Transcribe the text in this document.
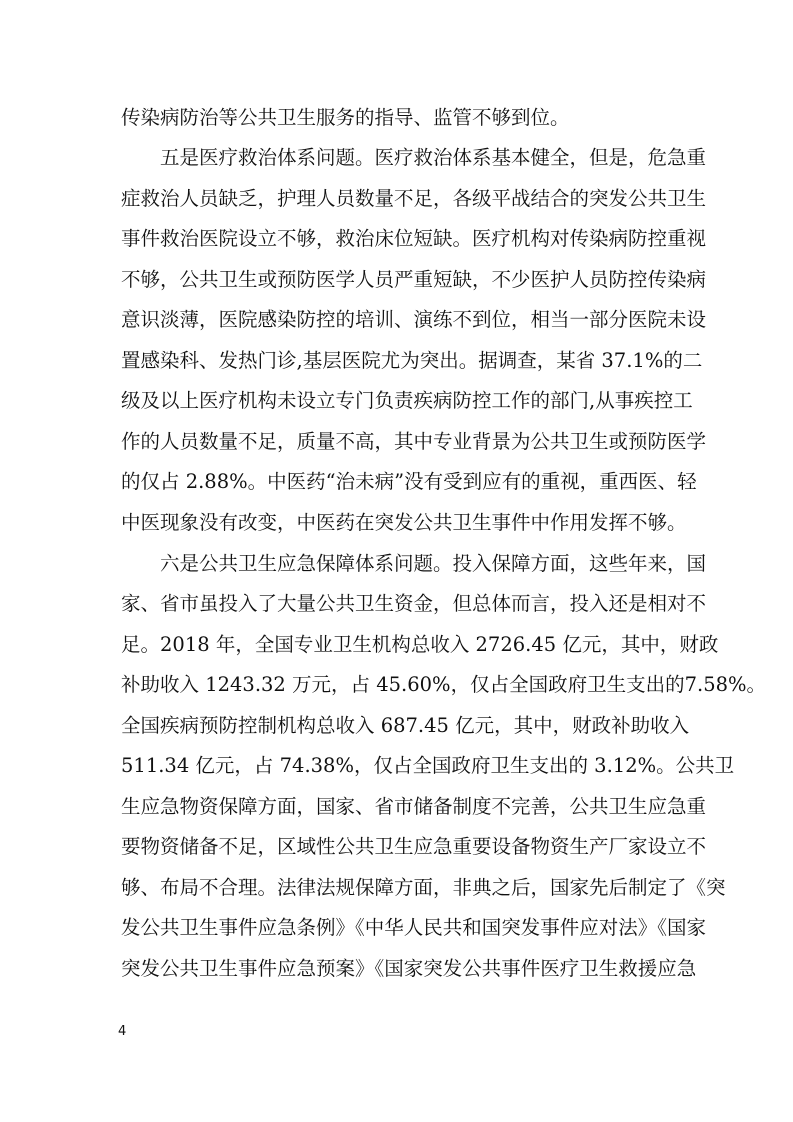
传染病防治等公共卫生服务的指导、监管不够到位。
五是医疗救治体系问题。医疗救治体系基本健全，但是，危急重
症救治人员缺乏，护理人员数量不足，各级平战结合的突发公共卫生
事件救治医院设立不够，救治床位短缺。医疗机构对传染病防控重视
不够，公共卫生或预防医学人员严重短缺，不少医护人员防控传染病
意识淡薄，医院感染防控的培训、演练不到位，相当一部分医院未设
置感染科、发热门诊,基层医院尤为突出。据调查，某省 37.1%的二
级及以上医疗机构未设立专门负责疾病防控工作的部门,从事疾控工
作的人员数量不足，质量不高，其中专业背景为公共卫生或预防医学
的仅占 2.88%。中医药“治未病”没有受到应有的重视，重西医、轻
中医现象没有改变，中医药在突发公共卫生事件中作用发挥不够。
六是公共卫生应急保障体系问题。投入保障方面，这些年来，国
家、省市虽投入了大量公共卫生资金，但总体而言，投入还是相对不
足。2018 年，全国专业卫生机构总收入 2726.45 亿元，其中，财政
补助收入 1243.32 万元，占 45.60%，仅占全国政府卫生支出的7.58%。
全国疾病预防控制机构总收入 687.45 亿元，其中，财政补助收入
511.34 亿元，占 74.38%，仅占全国政府卫生支出的 3.12%。公共卫
生应急物资保障方面，国家、省市储备制度不完善，公共卫生应急重
要物资储备不足，区域性公共卫生应急重要设备物资生产厂家设立不
够、布局不合理。法律法规保障方面，非典之后，国家先后制定了《突
发公共卫生事件应急条例》《中华人民共和国突发事件应对法》《国家
突发公共卫生事件应急预案》《国家突发公共事件医疗卫生救援应急
4
